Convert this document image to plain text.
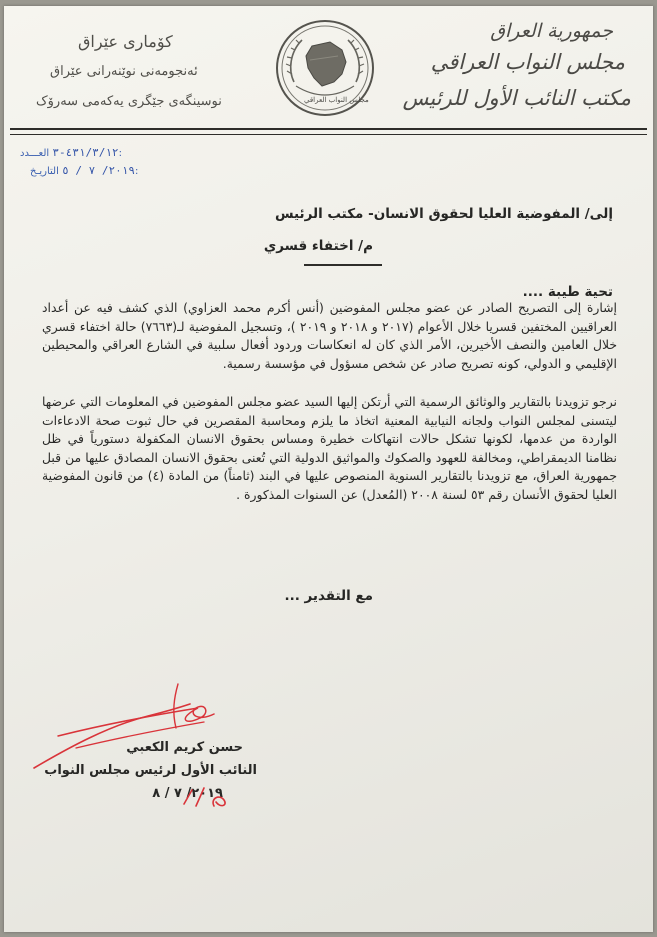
جمهورية العراق
مجلس النواب العراقي
مكتب النائب الأول للرئيس
مجلس النواب العراقي
كۆماری عێراق
ئەنجومەنی نوێنەرانی عێراق
نوسینگەی جێگری یەکەمی سەرۆک
٤٣١/٣/١٢-٣ العـــدد:
٢٠١٩/ ٧ / ٥ التاريـخ:
إلى/ المفوضية العليا لحقوق الانسان- مكتب الرئيس
م/ اختفاء قسري
تحية طيبة ....

إشارة إلى التصريح الصادر عن عضو مجلس المفوضين (أنس أكرم محمد العزاوي) الذي كشف فيه عن أعداد العراقيين المختفين قسريا خلال الأعوام (٢٠١٧ و ٢٠١٨ و ٢٠١٩ )، وتسجيل المفوضية لـ(٧٦٦٣) حالة اختفاء قسري خلال العامين والنصف الأخيرين، الأمر الذي كان له انعكاسات وردود أفعال سلبية في الشارع العراقي والمحيطين الإقليمي و الدولي، كونه تصريح صادر عن شخص مسؤول في مؤسسة رسمية.

نرجو تزويدنا بالتقارير والوثائق الرسمية التي أرتكن إليها السيد عضو مجلس المفوضين في المعلومات التي عرضها ليتسنى لمجلس النواب ولجانه النيابية المعنية اتخاذ ما يلزم ومحاسبة المقصرين في حال ثبوت صحة الادعاءات الواردة من عدمها، لكونها تشكل حالات انتهاكات خطيرة ومساس بحقوق الانسان المكفولة دستورياً في ظل نظامنا الديمقراطي، ومخالفة للعهود والصكوك والمواثيق الدولية التي تُعنى بحقوق الانسان المصادق عليها من قبل جمهورية العراق، مع تزويدنا بالتقارير السنوية المنصوص عليها في البند (ثامناً) من المادة (٤) من قانون المفوضية العليا لحقوق الأنسان رقم ٥٣ لسنة ٢٠٠٨ (المُعدل) عن السنوات المذكورة .

مع التقدير ...
حسن كريم الكعبي
النائب الأول لرئيس مجلس النواب
٢٠١٩/ ٧ / ٨
